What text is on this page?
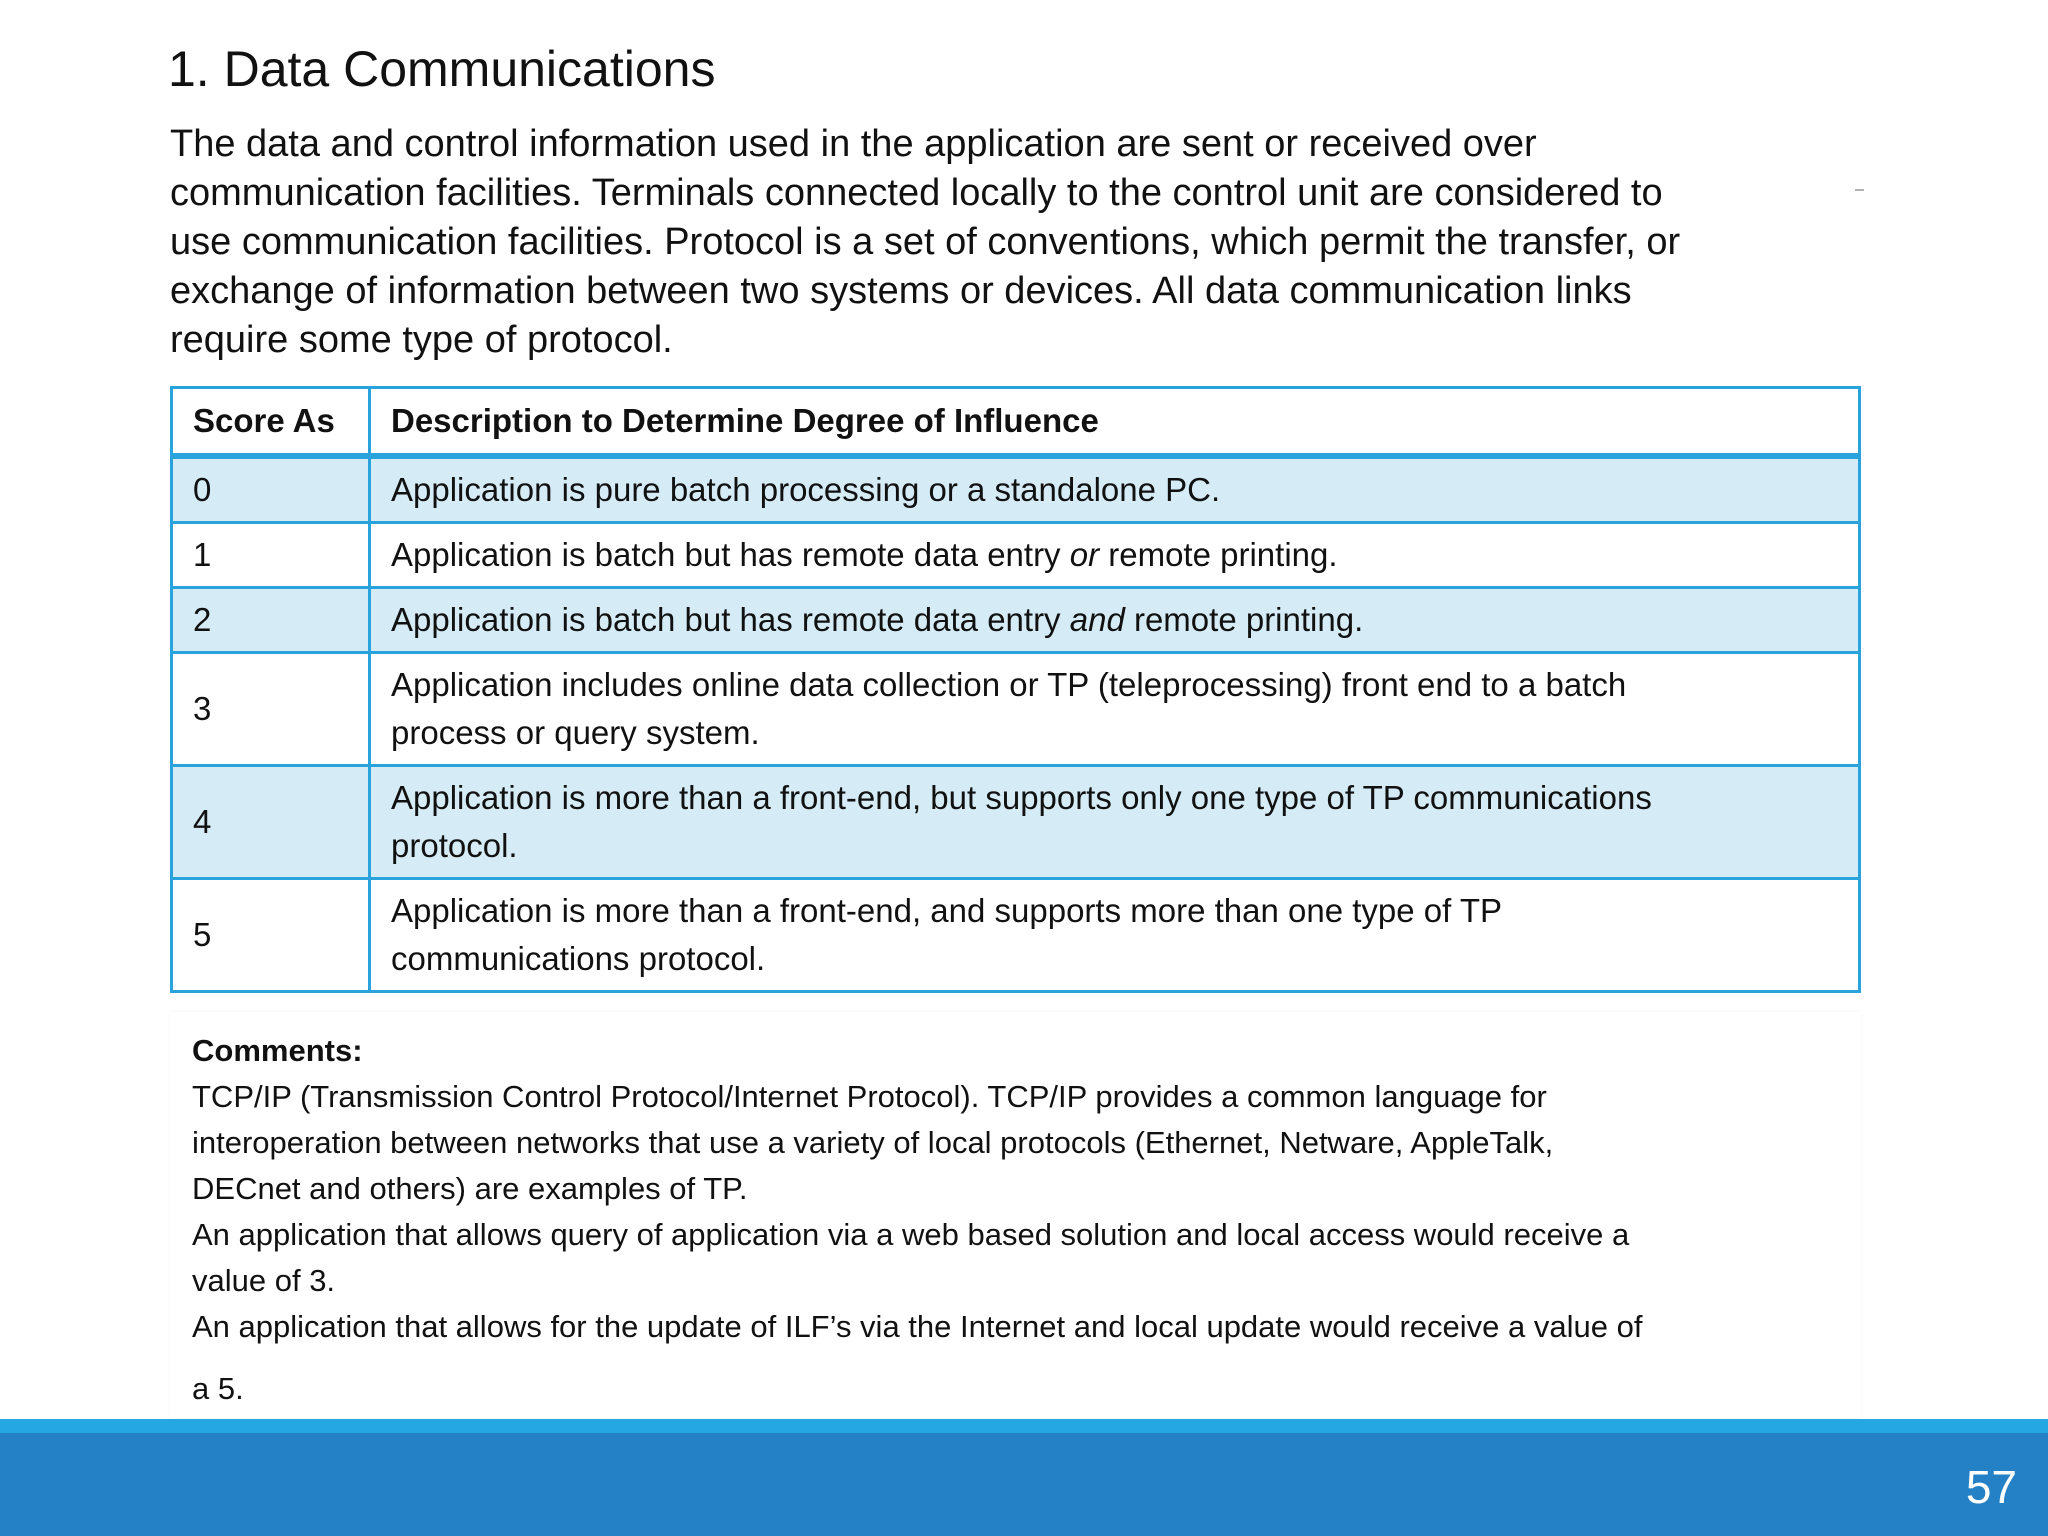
1. Data Communications
The data and control information used in the application are sent or received over
communication facilities. Terminals connected locally to the control unit are considered to
use communication facilities. Protocol is a set of conventions, which permit the transfer, or
exchange of information between two systems or devices. All data communication links
require some type of protocol.
Score As	Description to Determine Degree of Influence
0	Application is pure batch processing or a standalone PC.

1	Application is batch but has remote data entry or remote printing.

2	Application is batch but has remote data entry and remote printing.

3	Application includes online data collection or TP (teleprocessing) front end to a batch
process or query system.

4	Application is more than a front-end, but supports only one type of TP communications
protocol.

5	Application is more than a front-end, and supports more than one type of TP
communications protocol.
Comments:
TCP/IP (Transmission Control Protocol/Internet Protocol). TCP/IP provides a common language for
interoperation between networks that use a variety of local protocols (Ethernet, Netware, AppleTalk,
DECnet and others) are examples of TP.
An application that allows query of application via a web based solution and local access would receive a
value of 3.
An application that allows for the update of ILF’s via the Internet and local update would receive a value of
a 5.
57
